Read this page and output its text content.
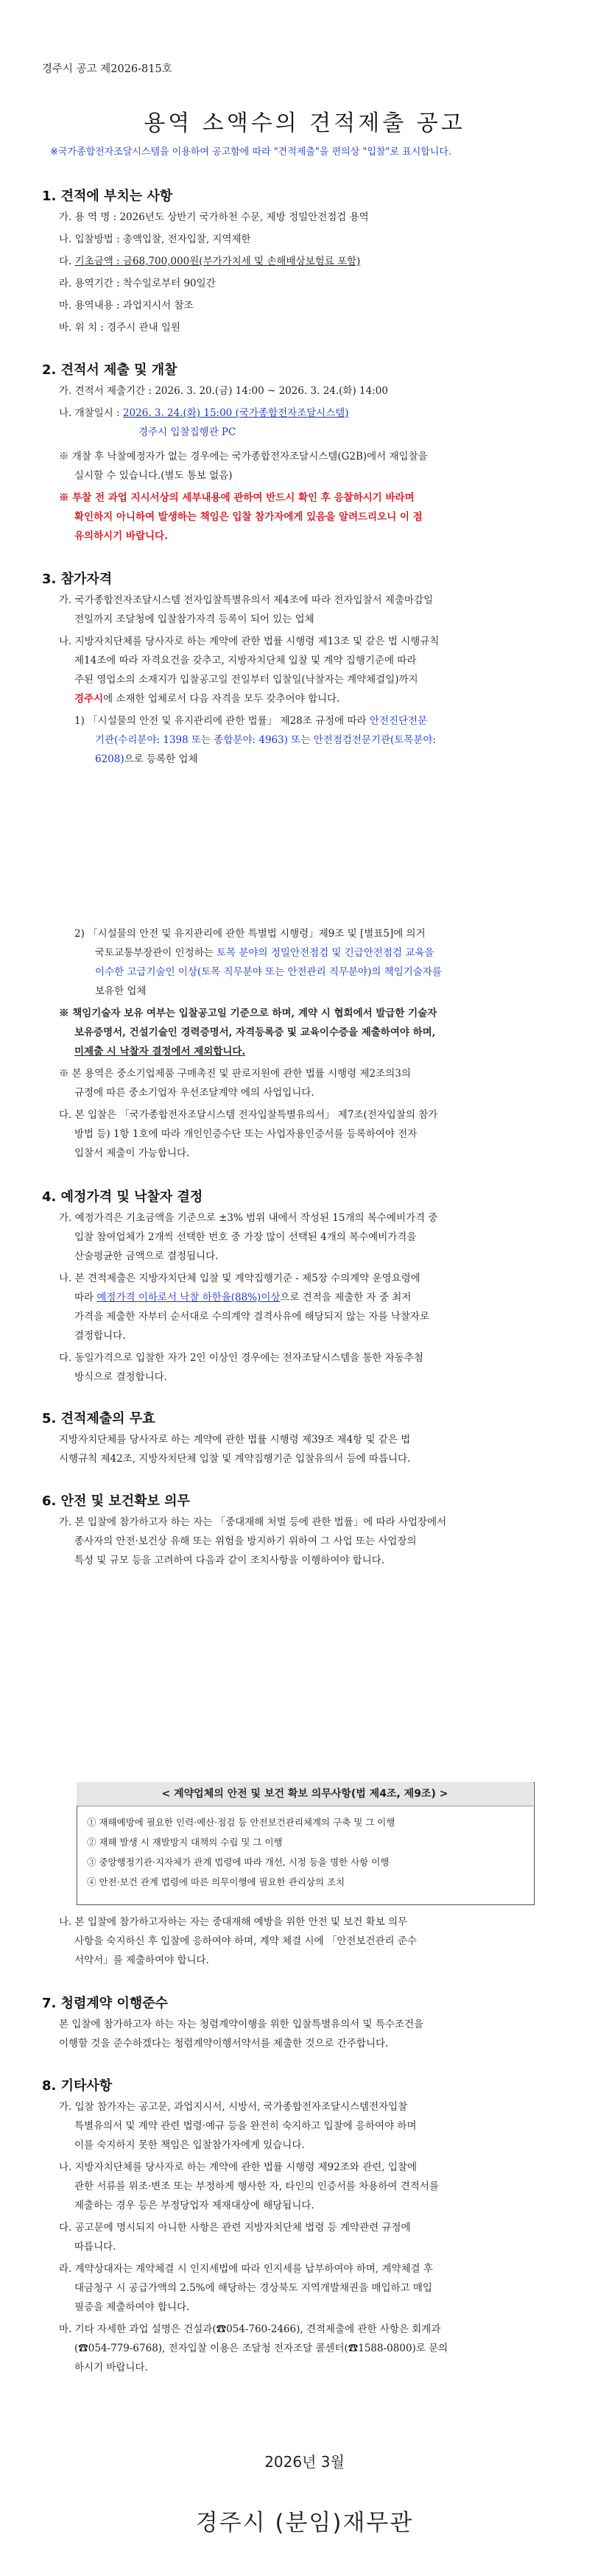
경주시 공고 제2026-815호
용역 소액수의 견적제출 공고
※국가종합전자조달시스템을 이용하여 공고함에 따라 "견적제출"을 편의상 "입찰"로 표시합니다.
1. 견적에 부치는 사항
가. 용 역 명 : 2026년도 상반기 국가하천 수문, 제방 정밀안전점검 용역
나. 입찰방법 : 총액입찰, 전자입찰, 지역제한
다. 기초금액 : 금68,700,000원(부가가치세 및 손해배상보험료 포함)
라. 용역기간 : 착수일로부터 90일간
마. 용역내용 : 과업지시서 참조
바. 위 치 : 경주시 관내 일원
2. 견적서 제출 및 개찰
가. 견적서 제출기간 : 2026. 3. 20.(금) 14:00 ~ 2026. 3. 24.(화) 14:00
나. 개찰일시 : 2026. 3. 24.(화) 15:00 (국가종합전자조달시스템)
경주시 입찰집행관 PC
※ 개찰 후 낙찰예정자가 없는 경우에는 국가종합전자조달시스템(G2B)에서 재입찰을
실시할 수 있습니다.(별도 통보 없음)
※ 투찰 전 과업 지시서상의 세부내용에 관하여 반드시 확인 후 응찰하시기 바라며
확인하지 아니하여 발생하는 책임은 입찰 참가자에게 있음을 알려드리오니 이 점
유의하시기 바랍니다.
3. 참가자격
가. 국가종합전자조달시스템 전자입찰특별유의서 제4조에 따라 전자입찰서 제출마감일
전일까지 조달청에 입찰참가자격 등록이 되어 있는 업체
나. 지방자치단체를 당사자로 하는 계약에 관한 법률 시행령 제13조 및 같은 법 시행규칙
제14조에 따라 자격요건을 갖추고, 지방자치단체 입찰 및 계약 집행기준에 따라
주된 영업소의 소재지가 입찰공고일 전일부터 입찰일(낙찰자는 계약체결일)까지
경주시에 소재한 업체로서 다음 자격을 모두 갖추어야 합니다.
1) 「시설물의 안전 및 유지관리에 관한 법률」 제28조 규정에 따라 안전진단전문
기관(수리분야: 1398 또는 종합분야: 4963) 또는 안전점검전문기관(토목분야:
6208)으로 등록한 업체
2) 「시설물의 안전 및 유지관리에 관한 특별법 시행령」제9조 및 [별표5]에 의거
국토교통부장관이 인정하는 토목 분야의 정밀안전점검 및 긴급안전점검 교육을
이수한 고급기술인 이상(토목 직무분야 또는 안전관리 직무분야)의 책임기술자를
보유한 업체
※ 책임기술자 보유 여부는 입찰공고일 기준으로 하며, 계약 시 협회에서 발급한 기술자
보유증명서, 건설기술인 경력증명서, 자격등록증 및 교육이수증을 제출하여야 하며,
미제출 시 낙찰자 결정에서 제외합니다.
※ 본 용역은 중소기업제품 구매촉진 및 판로지원에 관한 법률 시행령 제2조의3의
규정에 따른 중소기업자 우선조달계약 에의 사업입니다.
다. 본 입찰은 「국가종합전자조달시스템 전자입찰특별유의서」 제7조(전자입찰의 참가
방법 등) 1항 1호에 따라 개인인증수단 또는 사업자용인증서를 등록하여야 전자
입찰서 제출이 가능합니다.
4. 예정가격 및 낙찰자 결정
가. 예정가격은 기초금액을 기준으로 ±3% 범위 내에서 작성된 15개의 복수예비가격 중
입찰 참여업체가 2개씩 선택한 번호 중 가장 많이 선택된 4개의 복수예비가격을
산술평균한 금액으로 결정됩니다.
나. 본 견적제출은 지방자치단체 입찰 및 계약집행기준 - 제5장 수의계약 운영요령에
따라 예정가격 이하로서 낙찰 하한율(88%)이상으로 견적을 제출한 자 중 최저
가격을 제출한 자부터 순서대로 수의계약 결격사유에 해당되지 않는 자를 낙찰자로
결정합니다.
다. 동일가격으로 입찰한 자가 2인 이상인 경우에는 전자조달시스템을 통한 자동추첨
방식으로 결정합니다.
5. 견적제출의 무효
지방자치단체를 당사자로 하는 계약에 관한 법률 시행령 제39조 제4항 및 같은 법
시행규칙 제42조, 지방자치단체 입찰 및 계약집행기준 입찰유의서 등에 따릅니다.
6. 안전 및 보건확보 의무
가. 본 입찰에 참가하고자 하는 자는 「중대재해 처벌 등에 관한 법률」에 따라 사업장에서
종사자의 안전·보건상 유해 또는 위험을 방지하기 위하여 그 사업 또는 사업장의
특성 및 규모 등을 고려하여 다음과 같이 조치사항을 이행하여야 합니다.
< 계약업체의 안전 및 보건 확보 의무사항(법 제4조, 제9조) >
① 재해예방에 필요한 인력·예산·점검 등 안전보건관리체계의 구축 및 그 이행
② 재해 발생 시 재발방지 대책의 수립 및 그 이행
③ 중앙행정기관·지자체가 관계 법령에 따라 개선, 시정 등을 명한 사항 이행
④ 안전·보건 관계 법령에 따른 의무이행에 필요한 관리상의 조치
나. 본 입찰에 참가하고자하는 자는 중대재해 예방을 위한 안전 및 보건 확보 의무
사항을 숙지하신 후 입찰에 응하여야 하며, 계약 체결 시에 「안전보건관리 준수
서약서」를 제출하여야 합니다.
7. 청렴계약 이행준수
본 입찰에 참가하고자 하는 자는 청렴계약이행을 위한 입찰특별유의서 및 특수조건을
이행할 것을 준수하겠다는 청렴계약이행서약서를 제출한 것으로 간주합니다.
2026년 3월
경주시 (분임)재무관
8. 기타사항
가. 입찰 참가자는 공고문, 과업지시서, 시방서, 국가종합전자조달시스템전자입찰
특별유의서 및 계약 관련 법령·예규 등을 완전히 숙지하고 입찰에 응하여야 하며
이를 숙지하지 못한 책임은 입찰참가자에게 있습니다.
나. 지방자치단체를 당사자로 하는 계약에 관한 법률 시행령 제92조와 관련, 입찰에
관한 서류를 위조·변조 또는 부정하게 행사한 자, 타인의 인증서를 차용하여 견적서를
제출하는 경우 등은 부정당업자 제재대상에 해당됩니다.
다. 공고문에 명시되지 아니한 사항은 관련 지방자치단체 법령 등 계약관련 규정에
따릅니다.
라. 계약상대자는 계약체결 시 인지세법에 따라 인지세를 납부하여야 하며, 계약체결 후
대금청구 시 공급가액의 2.5%에 해당하는 경상북도 지역개발채권을 매입하고 매입
필증을 제출하여야 합니다.
마. 기타 자세한 과업 설명은 건설과(☎054-760-2466), 견적제출에 관한 사항은 회계과
(☎054-779-6768), 전자입찰 이용은 조달청 전자조달 콜센터(☎1588-0800)로 문의
하시기 바랍니다.
